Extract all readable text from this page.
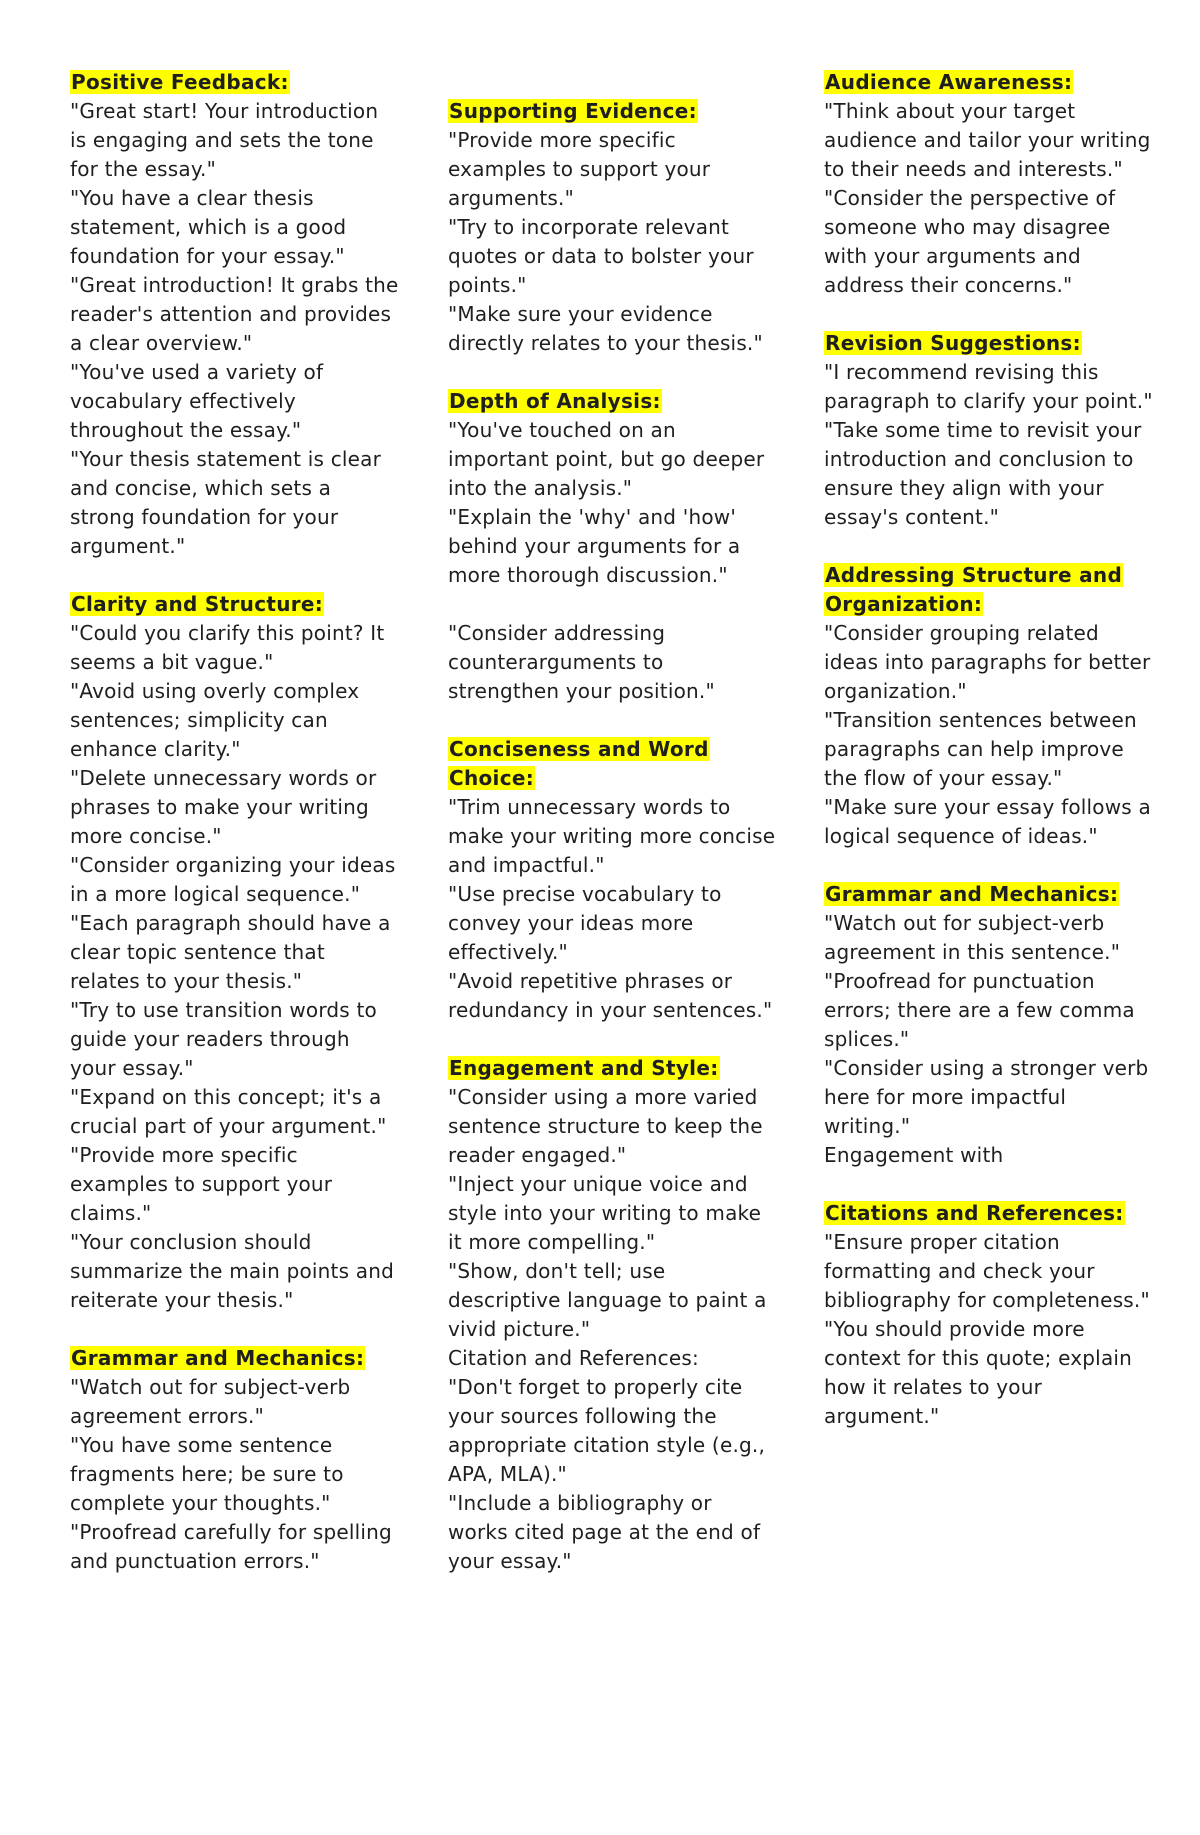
Positive Feedback:
"Great start! Your introduction is engaging and sets the tone for the essay."
"You have a clear thesis statement, which is a good foundation for your essay."
"Great introduction! It grabs the reader's attention and provides a clear overview."
"You've used a variety of vocabulary effectively throughout the essay."
"Your thesis statement is clear and concise, which sets a strong foundation for your argument."
Clarity and Structure:
"Could you clarify this point? It seems a bit vague."
"Avoid using overly complex sentences; simplicity can enhance clarity."
"Delete unnecessary words or phrases to make your writing more concise."
"Consider organizing your ideas in a more logical sequence."
"Each paragraph should have a clear topic sentence that relates to your thesis."
"Try to use transition words to guide your readers through your essay."
"Expand on this concept; it's a crucial part of your argument."
"Provide more specific examples to support your claims."
"Your conclusion should summarize the main points and reiterate your thesis."
Grammar and Mechanics:
"Watch out for subject-verb agreement errors."
"You have some sentence fragments here; be sure to complete your thoughts."
"Proofread carefully for spelling and punctuation errors."
Supporting Evidence:
"Provide more specific examples to support your arguments."
"Try to incorporate relevant quotes or data to bolster your points."
"Make sure your evidence directly relates to your thesis."
Depth of Analysis:
"You've touched on an important point, but go deeper into the analysis."
"Explain the 'why' and 'how' behind your arguments for a more thorough discussion."
"Consider addressing counterarguments to strengthen your position."
Conciseness and Word Choice:
"Trim unnecessary words to make your writing more concise and impactful."
"Use precise vocabulary to convey your ideas more effectively."
"Avoid repetitive phrases or redundancy in your sentences."
Engagement and Style:
"Consider using a more varied sentence structure to keep the reader engaged."
"Inject your unique voice and style into your writing to make it more compelling."
"Show, don't tell; use descriptive language to paint a vivid picture."
Citation and References:
"Don't forget to properly cite your sources following the appropriate citation style (e.g., APA, MLA)."
"Include a bibliography or works cited page at the end of your essay."
Audience Awareness:
"Think about your target audience and tailor your writing to their needs and interests."
"Consider the perspective of someone who may disagree with your arguments and address their concerns."
Revision Suggestions:
"I recommend revising this paragraph to clarify your point."
"Take some time to revisit your introduction and conclusion to ensure they align with your essay's content."
Addressing Structure and Organization:
"Consider grouping related ideas into paragraphs for better organization."
"Transition sentences between paragraphs can help improve the flow of your essay."
"Make sure your essay follows a logical sequence of ideas."
Grammar and Mechanics:
"Watch out for subject-verb agreement in this sentence."
"Proofread for punctuation errors; there are a few comma splices."
"Consider using a stronger verb here for more impactful writing."
Engagement with
Citations and References:
"Ensure proper citation formatting and check your bibliography for completeness."
"You should provide more context for this quote; explain how it relates to your argument."
